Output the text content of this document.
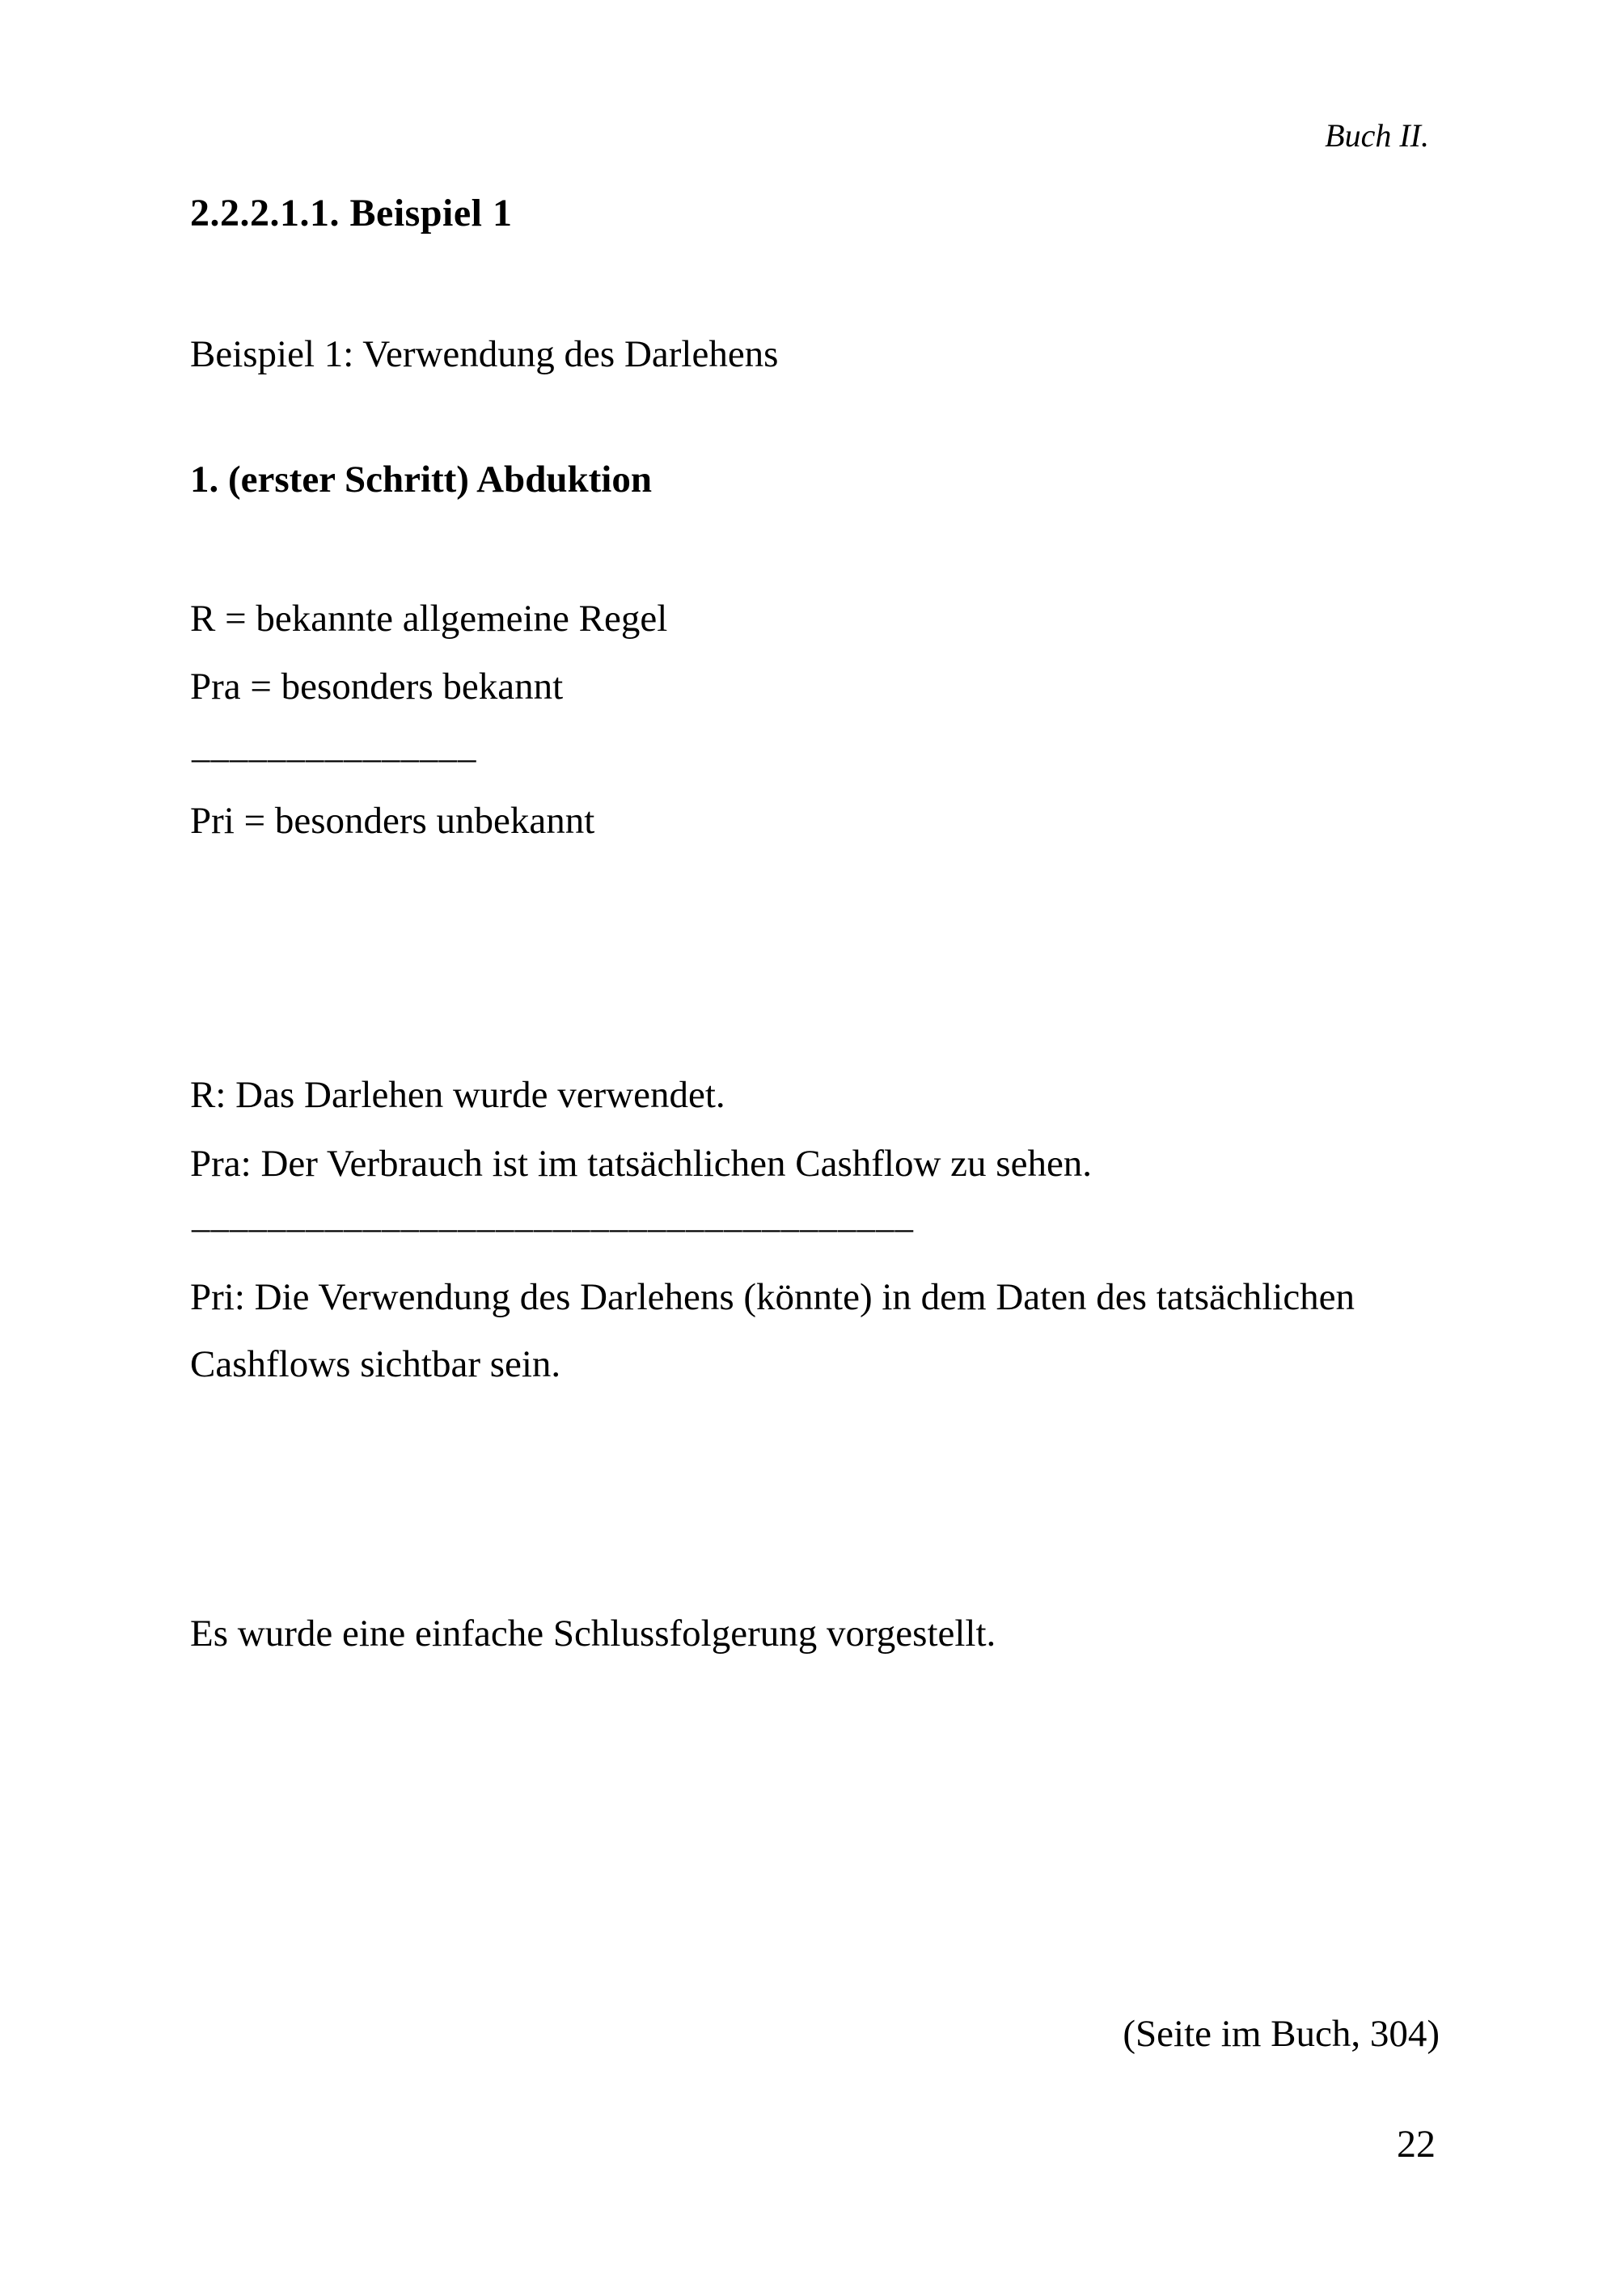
Buch II.
2.2.2.1.1. Beispiel 1
Beispiel 1: Verwendung des Darlehens
1. (erster Schritt) Abduktion
R = bekannte allgemeine Regel
Pra = besonders bekannt
–––––––––––––––
Pri = besonders unbekannt
R: Das Darlehen wurde verwendet.
Pra: Der Verbrauch ist im tatsächlichen Cashflow zu sehen.
––––––––––––––––––––––––––––––––––––––
Pri: Die Verwendung des Darlehens (könnte) in dem Daten des tatsächlichen Cashflows sichtbar sein.
Es wurde eine einfache Schlussfolgerung vorgestellt.
(Seite im Buch, 304)
22
